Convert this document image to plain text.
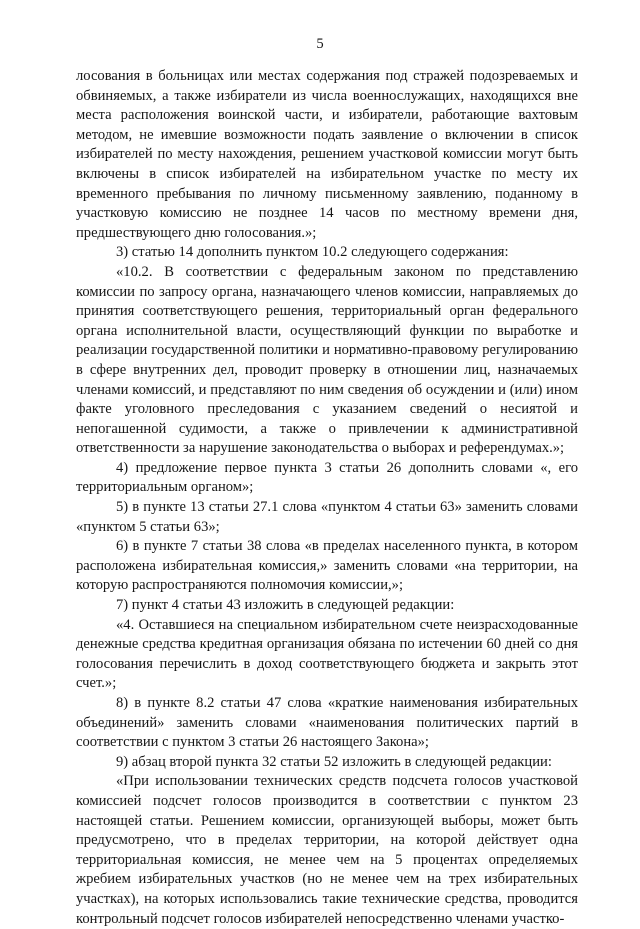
5

лосования в больницах или местах содержания под стражей подозреваемых и обвиняемых, а также избиратели из числа военнослужащих, находящихся вне места расположения воинской части, и избиратели, работающие вахтовым методом, не имевшие возможности подать заявление о включении в список избирателей по месту нахождения, решением участковой комиссии могут быть включены в список избирателей на избирательном участке по месту их временного пребывания по личному письменному заявлению, поданному в участковую комиссию не позднее 14 часов по местному времени дня, предшествующего дню голосования.»;

3) статью 14 дополнить пунктом 10.2 следующего содержания:

«10.2. В соответствии с федеральным законом по представлению комиссии по запросу органа, назначающего членов комиссии, направляемых до принятия соответствующего решения, территориальный орган федерального органа исполнительной власти, осуществляющий функции по выработке и реализации государственной политики и нормативно-правовому регулированию в сфере внутренних дел, проводит проверку в отношении лиц, назначаемых членами комиссий, и представляют по ним сведения об осуждении и (или) ином факте уголовного преследования с указанием сведений о несиятой и непогашенной судимости, а также о привлечении к административной ответственности за нарушение законодательства о выборах и референдумах.»;

4) предложение первое пункта 3 статьи 26 дополнить словами «, его территориальным органом»;

5) в пункте 13 статьи 27.1 слова «пунктом 4 статьи 63» заменить словами «пунктом 5 статьи 63»;

6) в пункте 7 статьи 38 слова «в пределах населенного пункта, в котором расположена избирательная комиссия,» заменить словами «на территории, на которую распространяются полномочия комиссии,»;

7) пункт 4 статьи 43 изложить в следующей редакции:

«4. Оставшиеся на специальном избирательном счете неизрасходованные денежные средства кредитная организация обязана по истечении 60 дней со дня голосования перечислить в доход соответствующего бюджета и закрыть этот счет.»;

8) в пункте 8.2 статьи 47 слова «краткие наименования избирательных объединений» заменить словами «наименования политических партий в соответствии с пунктом 3 статьи 26 настоящего Закона»;

9) абзац второй пункта 32 статьи 52 изложить в следующей редакции:

«При использовании технических средств подсчета голосов участковой комиссией подсчет голосов производится в соответствии с пунктом 23 настоящей статьи. Решением комиссии, организующей выборы, может быть предусмотрено, что в пределах территории, на которой действует одна территориальная комиссия, не менее чем на 5 процентах определяемых жребием избирательных участков (но не менее чем на трех избирательных участках), на которых использовались такие технические средства, проводится контрольный подсчет голосов избирателей непосредственно членами участко-
